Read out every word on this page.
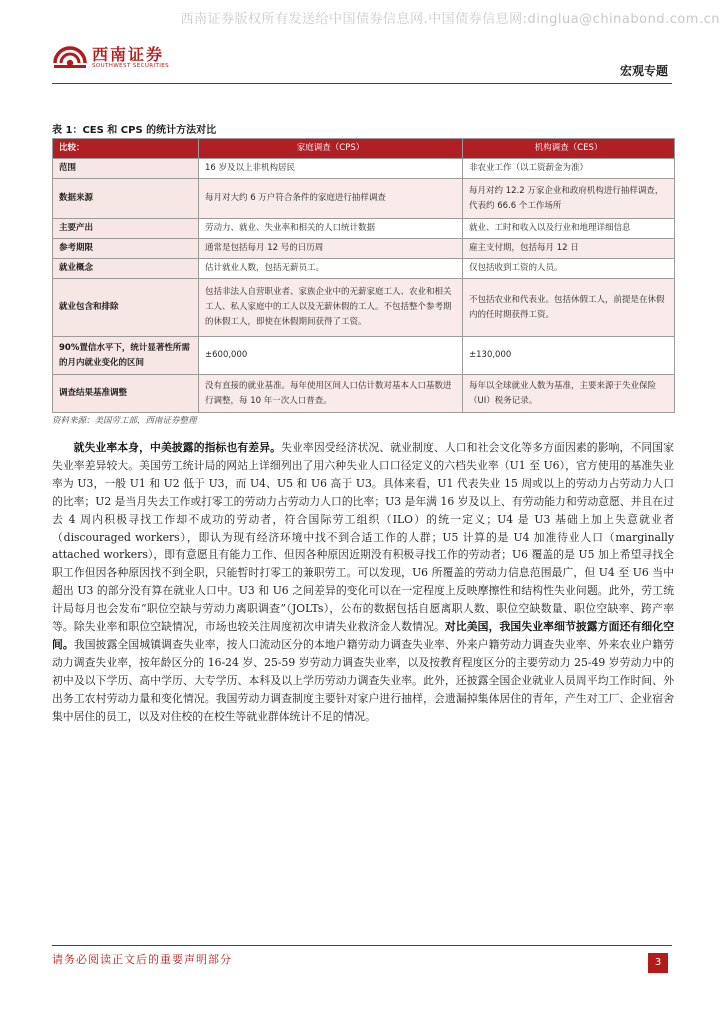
西南证券版权所有发送给中国债券信息网.中国债券信息网:dinglua@chinabond.com.cn
西南证券
SOUTHWEST SECURITIES	宏观专题
表 1：CES 和 CPS 的统计方法对比
比较：	家庭调查（CPS）	机构调查（CES）
范围	16 岁及以上非机构居民	非农业工作（以工资薪金为准）
数据来源	每月对大约 6 万户符合条件的家庭进行抽样调查	每月对约 12.2 万家企业和政府机构进行抽样调查，代表约 66.6 个工作场所
主要产出	劳动力、就业、失业率和相关的人口统计数据	就业、工时和收入以及行业和地理详细信息
参考期限	通常是包括每月 12 号的日历周	雇主支付期，包括每月 12 日
就业概念	估计就业人数，包括无薪员工。	仅包括收到工资的人员。
就业包含和排除	包括非法人自营职业者、家族企业中的无薪家庭工人、农业和相关工人、私人家庭中的工人以及无薪休假的工人。不包括整个参考期的休假工人，即使在休假期间获得了工资。	不包括农业和代表业。包括休假工人，前提是在休假内的任时期获得工资。
90%置信水平下，统计显著性所需的月内就业变化的区间	±600,000	±130,000
调查结果基准调整	没有直接的就业基准。每年使用区间人口估计数对基本人口基数进行调整，每 10 年一次人口普查。	每年以全球就业人数为基准，主要来源于失业保险（UI）税务记录。
资料来源：美国劳工部，西南证券整理

就失业率本身，中美披露的指标也有差异。失业率因受经济状况、就业制度、人口和社会文化等多方面因素的影响，不同国家失业率差异较大。美国劳工统计局的网站上详细列出了用六种失业人口口径定义的六档失业率（U1 至 U6），官方使用的基准失业率为 U3，一般 U1 和 U2 低于 U3，而 U4、U5 和 U6 高于 U3。具体来看，U1 代表失业 15 周或以上的劳动力占劳动力人口的比率；U2 是当月失去工作或打零工的劳动力占劳动力人口的比率；U3 是年满 16 岁及以上、有劳动能力和劳动意愿、并且在过去 4 周内积极寻找工作却不成功的劳动者，符合国际劳工组织（ILO）的统一定义；U4 是 U3 基础上加上失意就业者（discouraged workers），即认为现有经济环境中找不到合适工作的人群；U5 计算的是 U4 加准待业人口（marginally attached workers），即有意愿且有能力工作、但因各种原因近期没有积极寻找工作的劳动者；U6 覆盖的是 U5 加上希望寻找全职工作但因各种原因找不到全职，只能暂时打零工的兼职劳工。可以发现，U6 所覆盖的劳动力信息范围最广，但 U4 至 U6 当中超出 U3 的部分没有算在就业人口中。U3 和 U6 之间差异的变化可以在一定程度上反映摩擦性和结构性失业问题。此外，劳工统计局每月也会发布“职位空缺与劳动力离职调查”（JOLTs），公布的数据包括自愿离职人数、职位空缺数量、职位空缺率、跨产率等。除失业率和职位空缺情况，市场也较关注周度初次申请失业救济金人数情况。对比美国，我国失业率细节披露方面还有细化空间。我国披露全国城镇调查失业率，按人口流动区分的本地户籍劳动力调查失业率、外来户籍劳动力调查失业率、外来农业户籍劳动力调查失业率，按年龄区分的 16-24 岁、25-59 岁劳动力调查失业率，以及按教育程度区分的主要劳动力 25-49 岁劳动力中的初中及以下学历、高中学历、大专学历、本科及以上学历劳动力调查失业率。此外，还披露全国企业就业人员周平均工作时间、外出务工农村劳动力量和变化情况。我国劳动力调查制度主要针对家户进行抽样，会遗漏掉集体居住的青年，产生对工厂、企业宿舍集中居住的员工，以及对住校的在校生等就业群体统计不足的情况。

请务必阅读正文后的重要声明部分	3
